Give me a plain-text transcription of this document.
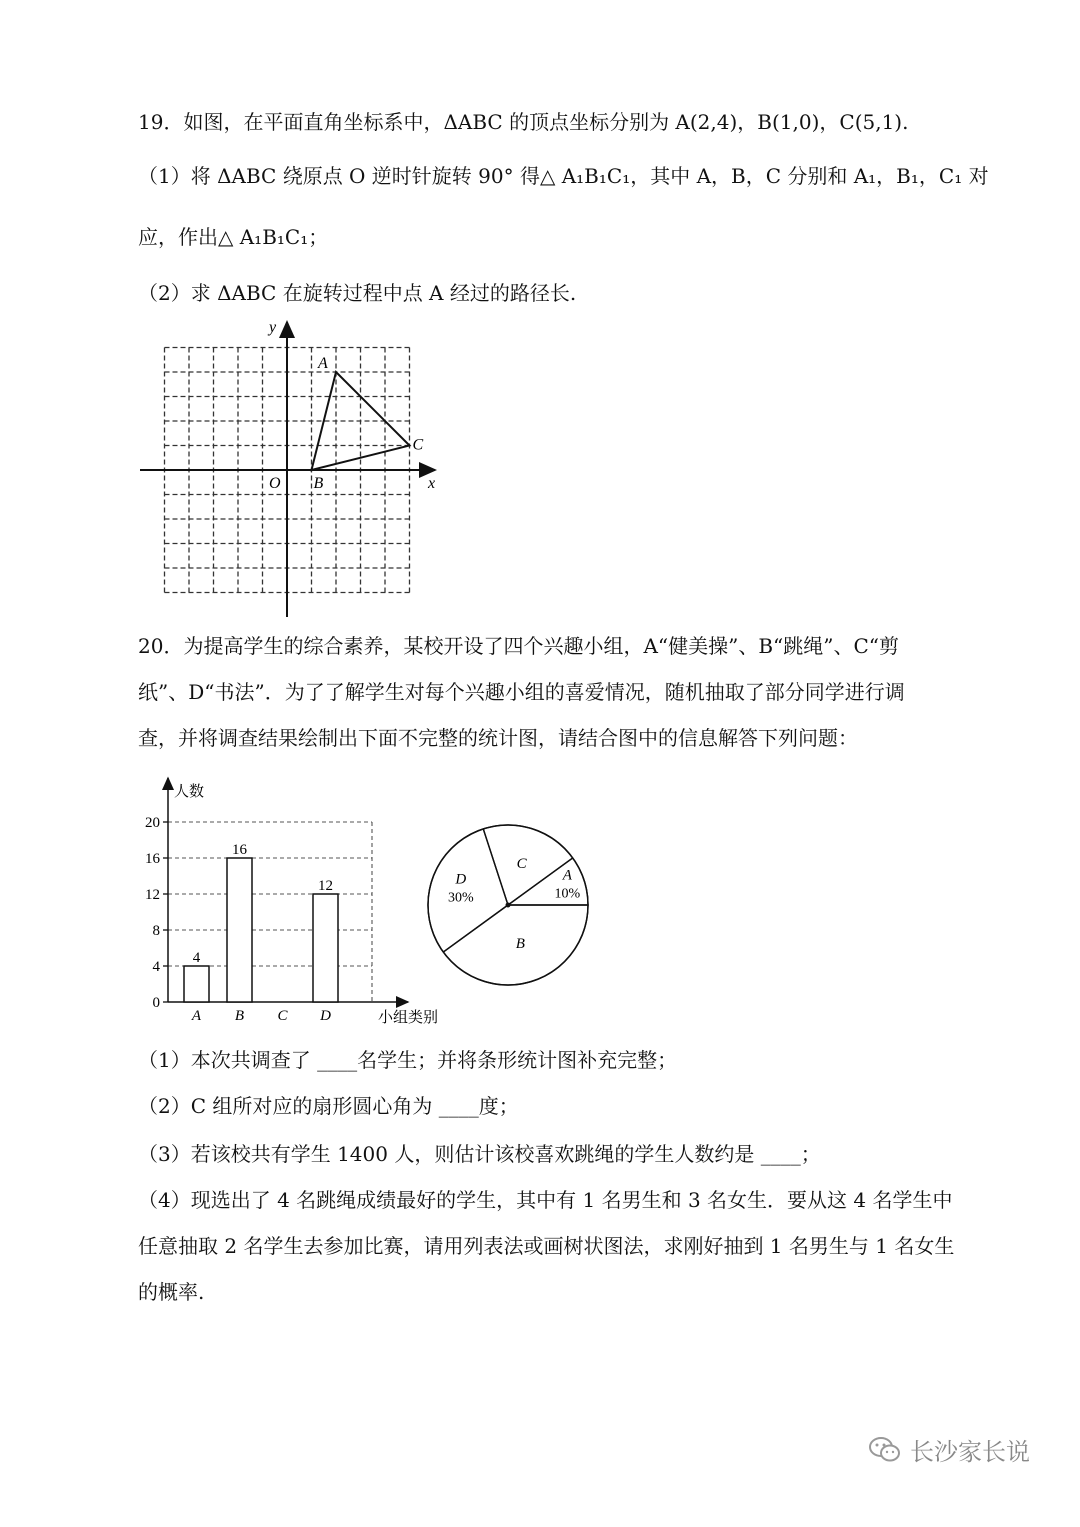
19．如图，在平面直角坐标系中，ΔABC 的顶点坐标分别为 A(2,4)，B(1,0)，C(5,1).
（1）将 ΔABC 绕原点 O 逆时针旋转 90° 得△ A₁B₁C₁，其中 A，B，C 分别和 A₁，B₁，C₁ 对
应，作出△ A₁B₁C₁；
（2）求 ΔABC 在旋转过程中点 A 经过的路径长.
y
x
O
A
B
C
20．为提高学生的综合素养，某校开设了四个兴趣小组，A“健美操”、B“跳绳”、C“剪
纸”、D“书法”．为了了解学生对每个兴趣小组的喜爱情况，随机抽取了部分同学进行调
查，并将调查结果绘制出下面不完整的统计图，请结合图中的信息解答下列问题：
人数
小组类别
0
4
8
12
16
20
4
A
16
B C
12
D
A
10%
C
D
30%
B
（1）本次共调查了 ____名学生；并将条形统计图补充完整；
（2）C 组所对应的扇形圆心角为 ____度；
（3）若该校共有学生 1400 人，则估计该校喜欢跳绳的学生人数约是 ____；
（4）现选出了 4 名跳绳成绩最好的学生，其中有 1 名男生和 3 名女生．要从这 4 名学生中
任意抽取 2 名学生去参加比赛，请用列表法或画树状图法，求刚好抽到 1 名男生与 1 名女生
的概率.
长沙家长说
